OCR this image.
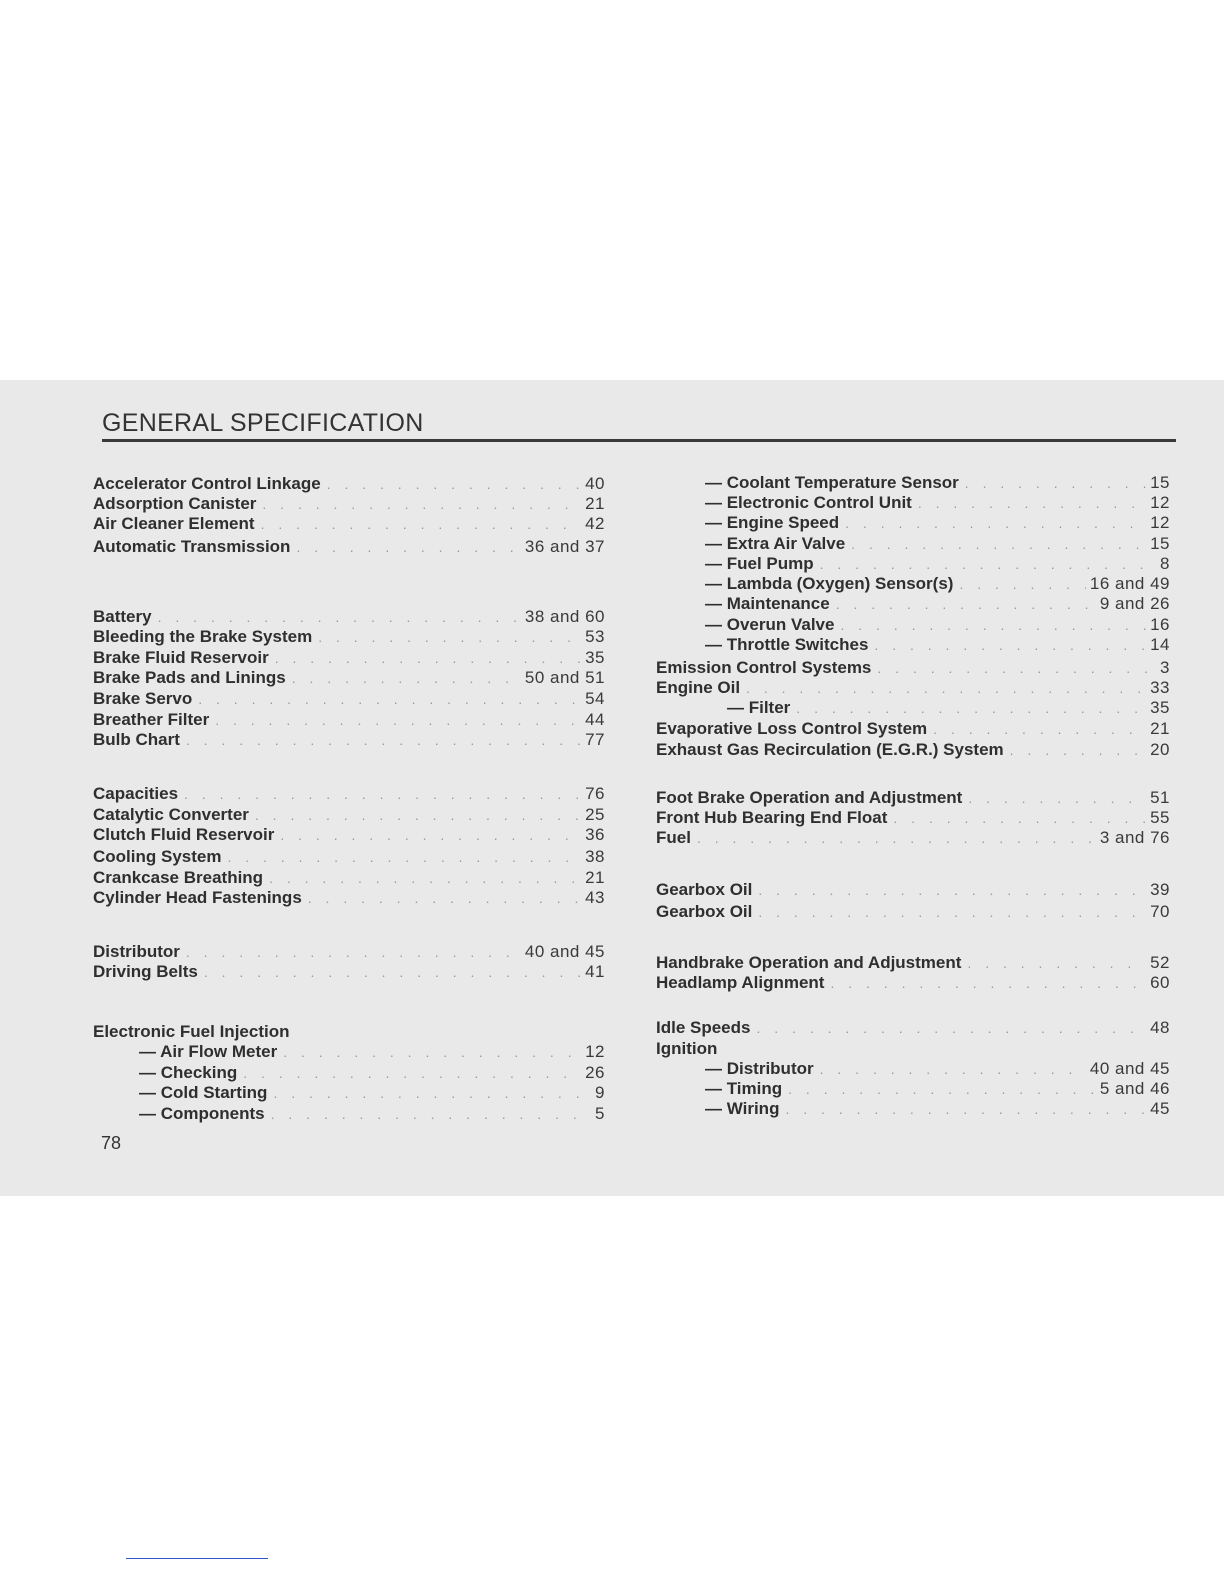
GENERAL SPECIFICATION
Accelerator Control Linkage . . .	40
Adsorption Canister . . .	21
Air Cleaner Element . . .	42
Automatic Transmission . . .	36 and 37
Battery . . .	38 and 60
Bleeding the Brake System . . .	53
Brake Fluid Reservoir . . .	35
Brake Pads and Linings . . .	50 and 51
Brake Servo . . .	54
Breather Filter . . .	44
Bulb Chart . . .	77
Capacities . . .	76
Catalytic Converter . . .	25
Clutch Fluid Reservoir . . .	36
Cooling System . . .	38
Crankcase Breathing . . .	21
Cylinder Head Fastenings . . .	43
Distributor . . .	40 and 45
Driving Belts . . .	41
Electronic Fuel Injection
— Air Flow Meter . . .	12
— Checking . . .	26
— Cold Starting . . .	9
— Components . . .	5
— Coolant Temperature Sensor . . .	15
— Electronic Control Unit . . .	12
— Engine Speed . . .	12
— Extra Air Valve . . .	15
— Fuel Pump . . .	8
— Lambda (Oxygen) Sensor(s) . . .	16 and 49
— Maintenance . . .	9 and 26
— Overun Valve . . .	16
— Throttle Switches . . .	14
Emission Control Systems . . .	3
Engine Oil . . .	33
— Filter . . .	35
Evaporative Loss Control System . . .	21
Exhaust Gas Recirculation (E.G.R.) System . . .	20
Foot Brake Operation and Adjustment . . .	51
Front Hub Bearing End Float . . .	55
Fuel . . .	3 and 76
Gearbox Oil . . .	39
Gearbox Oil . . .	70
Handbrake Operation and Adjustment . . .	52
Headlamp Alignment . . .	60
Idle Speeds . . .	48
Ignition
— Distributor . . .	40 and 45
— Timing . . .	5 and 46
— Wiring . . .	45
78
